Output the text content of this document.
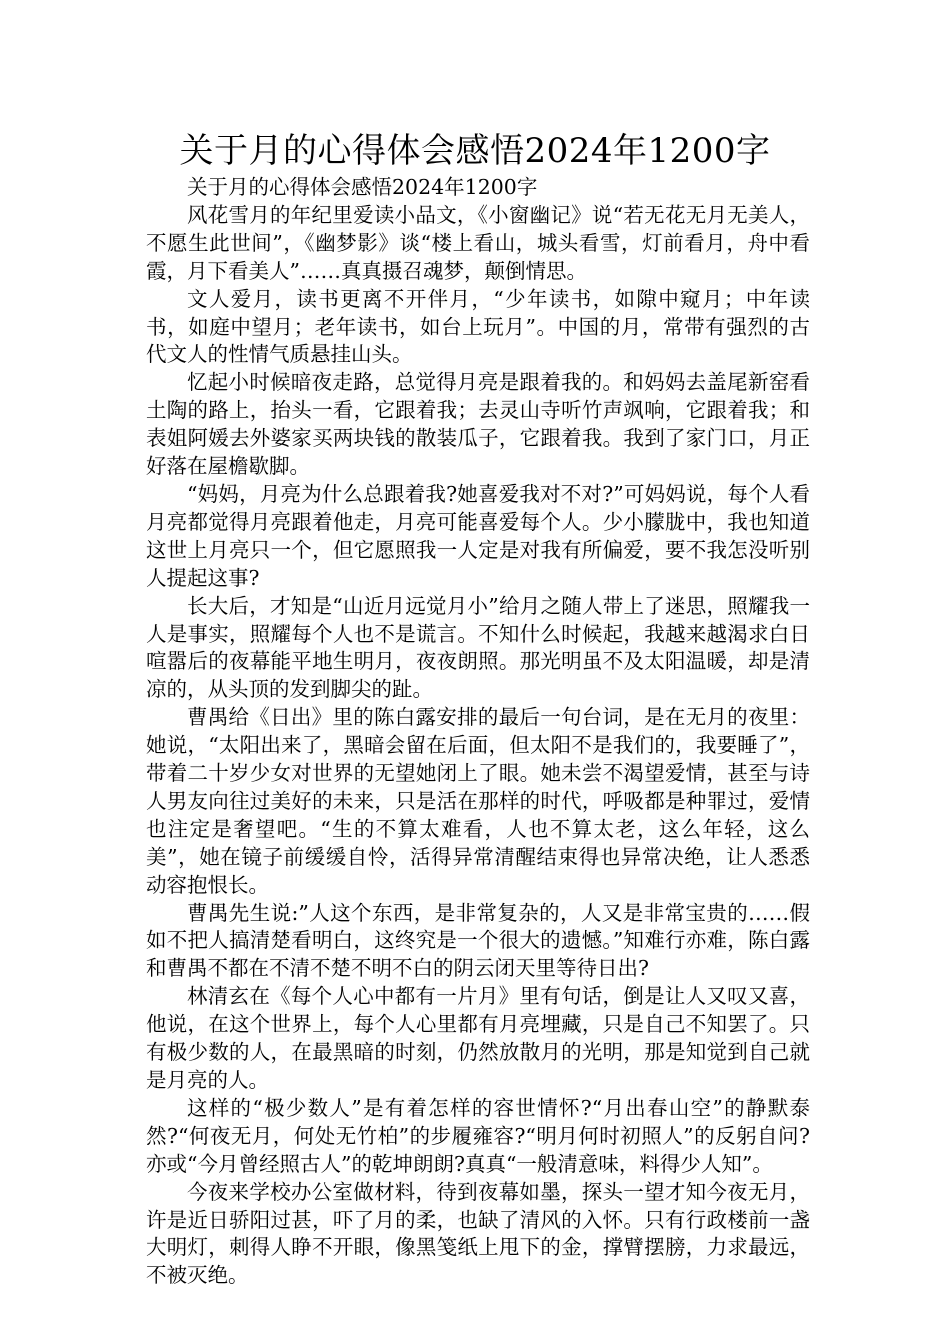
关于月的心得体会感悟2024年1200字

关于月的心得体会感悟2024年1200字

风花雪月的年纪里爱读小品文，《小窗幽记》说“若无花无月无美人，不愿生此世间”，《幽梦影》谈“楼上看山，城头看雪，灯前看月，舟中看霞，月下看美人”……真真摄召魂梦，颠倒情思。

文人爱月，读书更离不开伴月，“少年读书，如隙中窥月；中年读书，如庭中望月；老年读书，如台上玩月”。中国的月，常带有强烈的古代文人的性情气质悬挂山头。

忆起小时候暗夜走路，总觉得月亮是跟着我的。和妈妈去盖尾新窑看土陶的路上，抬头一看，它跟着我；去灵山寺听竹声飒响，它跟着我；和表姐阿媛去外婆家买两块钱的散装瓜子，它跟着我。我到了家门口，月正好落在屋檐歇脚。

“妈妈，月亮为什么总跟着我?她喜爱我对不对?”可妈妈说，每个人看月亮都觉得月亮跟着他走，月亮可能喜爱每个人。少小朦胧中，我也知道这世上月亮只一个，但它愿照我一人定是对我有所偏爱，要不我怎没听别人提起这事?

长大后，才知是“山近月远觉月小”给月之随人带上了迷思，照耀我一人是事实，照耀每个人也不是谎言。不知什么时候起，我越来越渴求白日喧嚣后的夜幕能平地生明月，夜夜朗照。那光明虽不及太阳温暖，却是清凉的，从头顶的发到脚尖的趾。

曹禺给《日出》里的陈白露安排的最后一句台词，是在无月的夜里：她说，“太阳出来了，黑暗会留在后面，但太阳不是我们的，我要睡了”，带着二十岁少女对世界的无望她闭上了眼。她未尝不渴望爱情，甚至与诗人男友向往过美好的未来，只是活在那样的时代，呼吸都是种罪过，爱情也注定是奢望吧。“生的不算太难看，人也不算太老，这么年轻，这么美”，她在镜子前缓缓自怜，活得异常清醒结束得也异常决绝，让人悉悉动容抱恨长。

曹禺先生说:”人这个东西，是非常复杂的，人又是非常宝贵的……假如不把人搞清楚看明白，这终究是一个很大的遗憾。”知难行亦难，陈白露和曹禺不都在不清不楚不明不白的阴云闭天里等待日出?

林清玄在《每个人心中都有一片月》里有句话，倒是让人又叹又喜，他说，在这个世界上，每个人心里都有月亮埋藏，只是自己不知罢了。只有极少数的人，在最黑暗的时刻，仍然放散月的光明，那是知觉到自己就是月亮的人。

这样的“极少数人”是有着怎样的容世情怀?“月出春山空”的静默泰然?“何夜无月，何处无竹柏”的步履雍容?“明月何时初照人”的反躬自问?亦或“今月曾经照古人”的乾坤朗朗?真真“一般清意味，料得少人知”。

今夜来学校办公室做材料，待到夜幕如墨，探头一望才知今夜无月，许是近日骄阳过甚，吓了月的柔，也缺了清风的入怀。只有行政楼前一盏大明灯，刺得人睁不开眼，像黑笺纸上甩下的金，撑臂摆膀，力求最远，不被灭绝。
